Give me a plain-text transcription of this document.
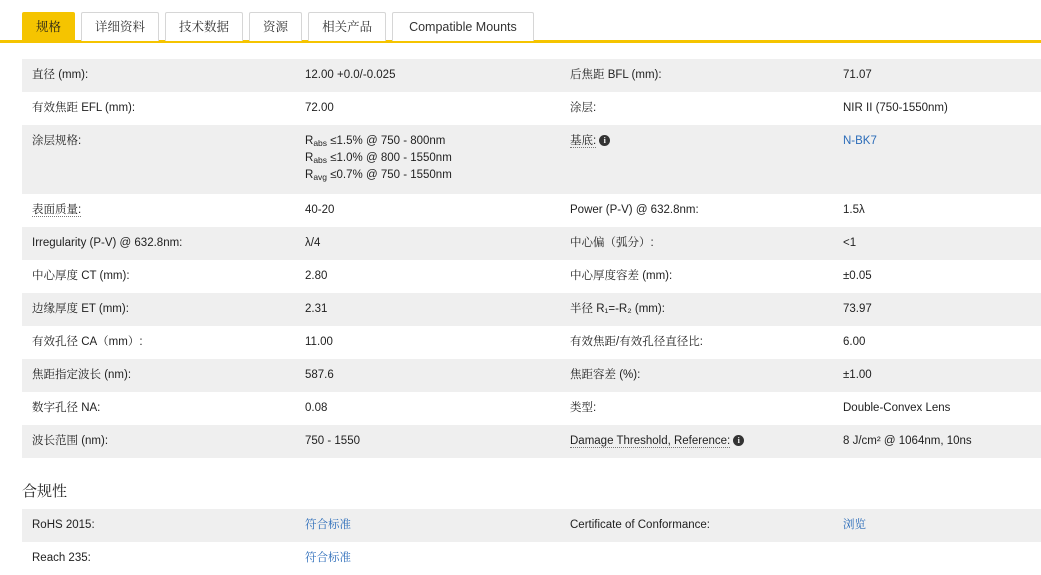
规格	详细资料	技术数据	资源	相关产品	Compatible Mounts
直径 (mm):	12.00 +0.0/-0.025	后焦距 BFL (mm):	71.07
有效焦距 EFL (mm):	72.00	涂层:	NIR II (750-1550nm)
涂层规格:	$R_{abs} \le 1.5\%$ @ 750 - 800nm
$R_{abs} \le 1.0\%$ @ 800 - 1550nm
$R_{avg} \le 0.7\%$ @ 750 - 1550nm	基底: i	N-BK7
表面质量:	40-20	Power (P-V) @ 632.8nm:	1.5λ
Irregularity (P-V) @ 632.8nm:	λ/4	中心偏（弧分）:	<1
中心厚度 CT (mm):	2.80	中心厚度容差 (mm):	±0.05
边缘厚度 ET (mm):	2.31	半径 R₁=-R₂ (mm):	73.97
有效孔径 CA（mm）:	11.00	有效焦距/有效孔径直径比:	6.00
焦距指定波长 (nm):	587.6	焦距容差 (%):	±1.00
数字孔径 NA:	0.08	类型:	Double-Convex Lens
波长范围 (nm):	750 - 1550	Damage Threshold, Reference: i	8 J/cm² @ 1064nm, 10ns
合规性
RoHS 2015:	符合标准	Certificate of Conformance:	浏览
Reach 235:	符合标准		
